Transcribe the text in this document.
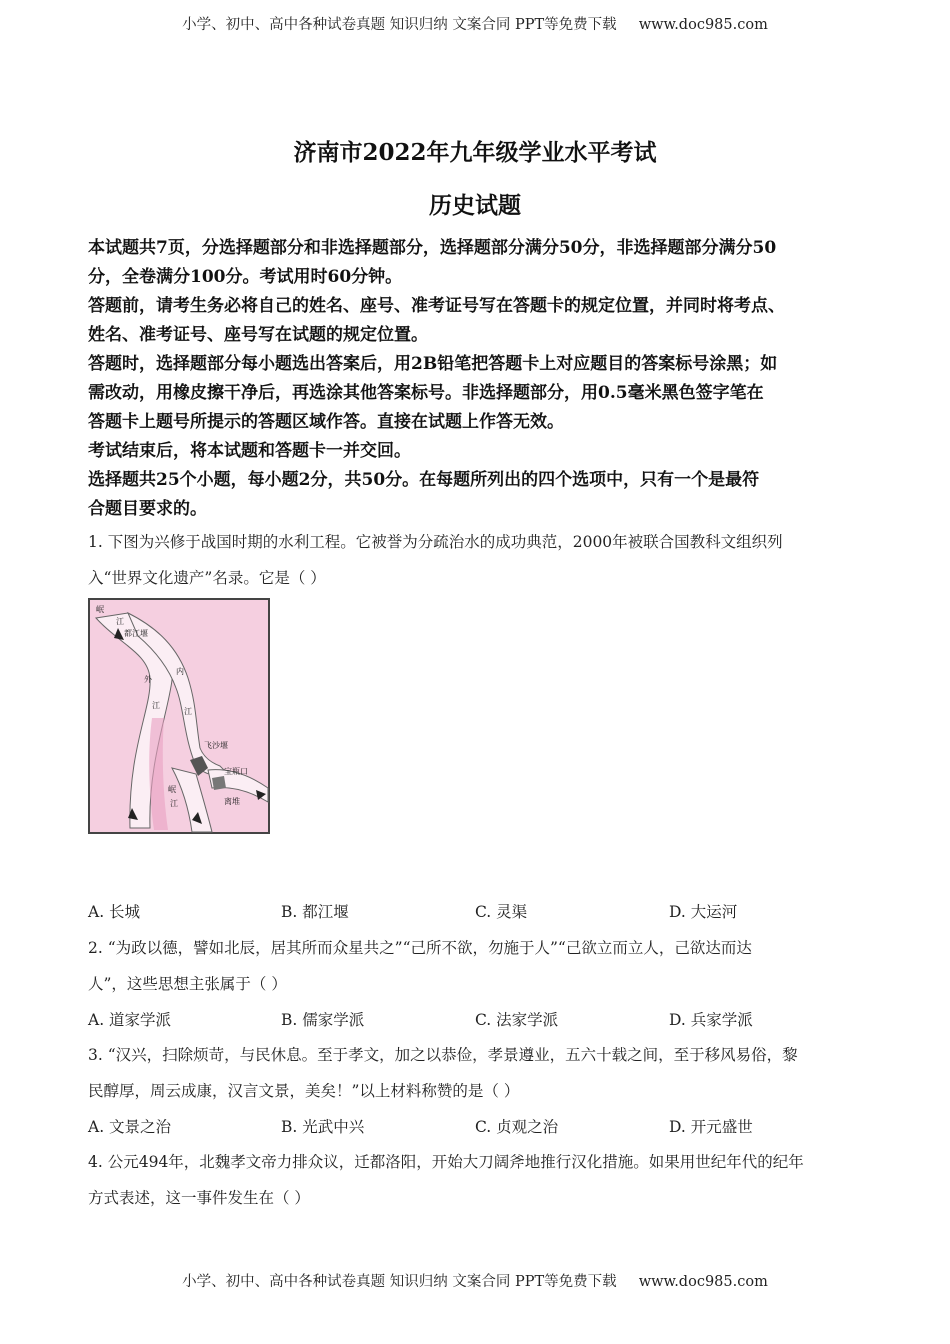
小学、初中、高中各种试卷真题 知识归纳 文案合同 PPT等免费下载 www.doc985.com
济南市2022年九年级学业水平考试
历史试题

本试题共7页，分选择题部分和非选择题部分，选择题部分满分50分，非选择题部分满分50

分，全卷满分100分。考试用时60分钟。

答题前，请考生务必将自己的姓名、座号、准考证号写在答题卡的规定位置，并同时将考点、

姓名、准考证号、座号写在试题的规定位置。

答题时，选择题部分每小题选出答案后，用2B铅笔把答题卡上对应题目的答案标号涂黑；如

需改动，用橡皮擦干净后，再选涂其他答案标号。非选择题部分，用0.5毫米黑色签字笔在

答题卡上题号所提示的答题区域作答。直接在试题上作答无效。

考试结束后，将本试题和答题卡一并交回。

选择题共25个小题，每小题2分，共50分。在每题所列出的四个选项中，只有一个是最符

合题目要求的。

1. 下图为兴修于战国时期的水利工程。它被誉为分疏治水的成功典范，2000年被联合国教科文组织列

入“世界文化遗产”名录。它是（ ）

岷
江
都江堰
外
内
江
江
飞沙堰
宝瓶口
离堆
岷
江
A. 长城	B. 都江堰	C. 灵渠	D. 大运河

2. “为政以德，譬如北辰，居其所而众星共之”“己所不欲，勿施于人”“己欲立而立人，己欲达而达

人”，这些思想主张属于（ ）

A. 道家学派	B. 儒家学派	C. 法家学派	D. 兵家学派

3. “汉兴，扫除烦苛，与民休息。至于孝文，加之以恭俭，孝景遵业，五六十载之间，至于移风易俗，黎

民醇厚，周云成康，汉言文景，美矣！”以上材料称赞的是（ ）

A. 文景之治	B. 光武中兴	C. 贞观之治	D. 开元盛世

4. 公元494年，北魏孝文帝力排众议，迁都洛阳，开始大刀阔斧地推行汉化措施。如果用世纪年代的纪年

方式表述，这一事件发生在（ ）

小学、初中、高中各种试卷真题 知识归纳 文案合同 PPT等免费下载 www.doc985.com
